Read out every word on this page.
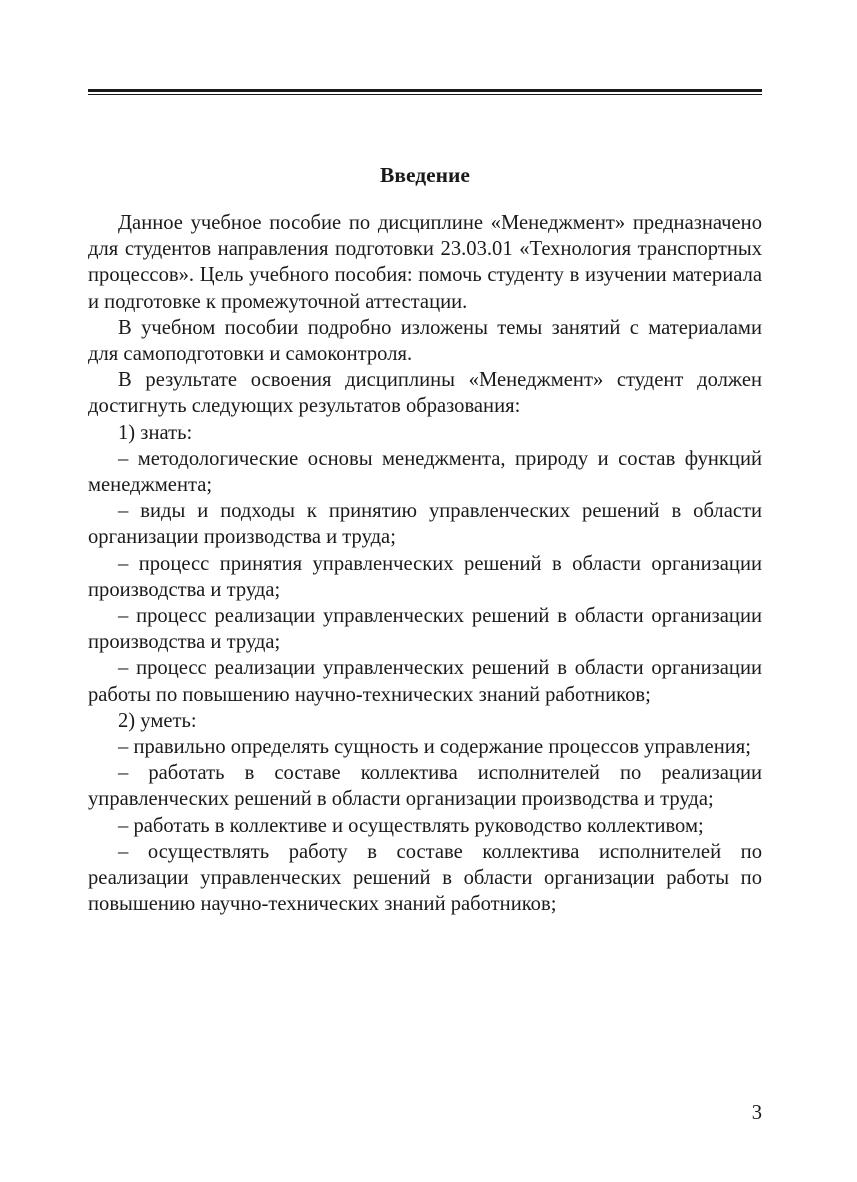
Введение

Данное учебное пособие по дисциплине «Менеджмент» предназначено для студентов направления подготовки 23.03.01 «Технология транспортных процессов». Цель учебного пособия: помочь студенту в изучении материала и подготовке к промежуточной аттестации.

В учебном пособии подробно изложены темы занятий с материалами для самоподготовки и самоконтроля.

В результате освоения дисциплины «Менеджмент» студент должен достигнуть следующих результатов образования:

1) знать:

– методологические основы менеджмента, природу и состав функций менеджмента;

– виды и подходы к принятию управленческих решений в области организации производства и труда;

– процесс принятия управленческих решений в области организации производства и труда;

– процесс реализации управленческих решений в области организации производства и труда;

– процесс реализации управленческих решений в области организации работы по повышению научно-технических знаний работников;

2) уметь:

– правильно определять сущность и содержание процессов управления;

– работать в составе коллектива исполнителей по реализации управленческих решений в области организации производства и труда;

– работать в коллективе и осуществлять руководство коллективом;

– осуществлять работу в составе коллектива исполнителей по реализации управленческих решений в области организации работы по повышению научно-технических знаний работников;

3
